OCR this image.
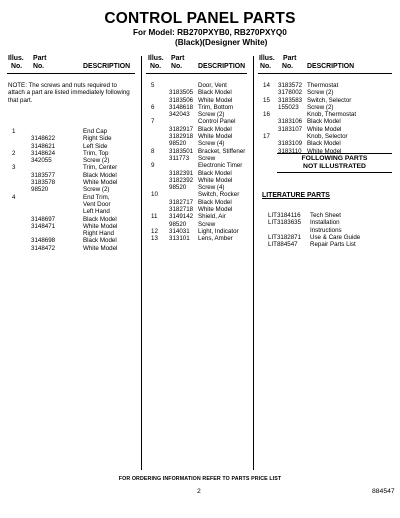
CONTROL PANEL PARTS
For Model: RB270PXYB0, RB270PXYQ0
(Black)(Designer White)
Illus. Part
No. No.	DESCRIPTION
Illus. Part
No. No. DESCRIPTION
Illus. Part
No. No. DESCRIPTION
NOTE: The screws and nuts required to attach a part are listed immediately following that part.
1	End Cap
3148622	Right Side
3148621	Left Side
2	3148624	Trim, Top
342055	Screw (2)
3	Trim, Center
3183577	Black Model
3183578	White Model
98520	Screw (2)
4	End Trim,
Vent Door
Left Hand
3148697	Black Model
3148471	White Model
Right Hand
3148698	Black Model
3148472	White Model
5	Door, Vent
3183505 Black Model
3183506 White Model
6 3148618 Trim, Bottom
342043 Screw (2)
7	Control Panel
3182917 Black Model
3182918 White Model
98520 Screw (4)
8 3183501 Bracket, Stiffener
311773 Screw
9	Electronic Timer
3182391 Black Model
3182392 White Model
98520 Screw (4)
10	Switch, Rocker
3182717 Black Model
3182718 White Model
11 3149142 Shield, Air
98520 Screw
12 314031 Light, Indicator
13 313101 Lens, Amber
14 3183572 Thermostat
3178002 Screw (2)
15 3183583 Switch, Selector
155023 Screw (2)
16	Knob, Thermostat
3183106 Black Model
3183107 White Model
17	Knob, Selector
3183109 Black Model
3183110 White Model
FOLLOWING PARTS
NOT ILLUSTRATED
LITERATURE PARTS
LIT3184116 Tech Sheet
LIT3183635 Installation
Instructions
LIT3182871 Use & Care Guide
LIT884547 Repair Parts List
FOR ORDERING INFORMATION REFER TO PARTS PRICE LIST
2	884547
